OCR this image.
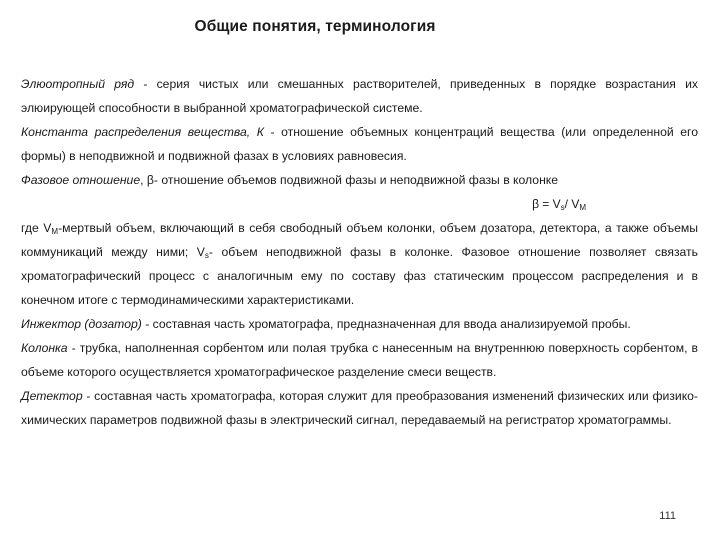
Общие понятия, терминология

Элюотропный ряд - серия чистых или смешанных растворителей, приведенных в порядке возрастания их элюирующей способности в выбранной хроматографической системе.

Константа распределения вещества, К - отношение объемных концентраций вещества (или определенной его формы) в неподвижной и подвижной фазах в условиях равновесия.

Фазовое отношение, β- отношение объемов подвижной фазы и неподвижной фазы в колонке

$\beta = V_s/$ $V_M$

где $V_M$-мертвый объем, включающий в себя свободный объем колонки, объем дозатора, детектора, а также объемы коммуникаций между ними; $V_s-$ объем неподвижной фазы в колонке. Фазовое отношение позволяет связать хроматографический процесс с аналогичным ему по составу фаз статическим процессом распределения и в конечном итоге с термодинамическими характеристиками.

Инжектор (дозатор) - составная часть хроматографа, предназначенная для ввода анализируемой пробы.

Колонка - трубка, наполненная сорбентом или полая трубка с нанесенным на внутреннюю поверхность сорбентом, в объеме которого осуществляется хроматографическое разделение смеси веществ.

Детектор - составная часть хроматографа, которая служит для преобразования изменений физических или физико-химических параметров подвижной фазы в электрический сигнал, передаваемый на регистратор хроматограммы.

111
